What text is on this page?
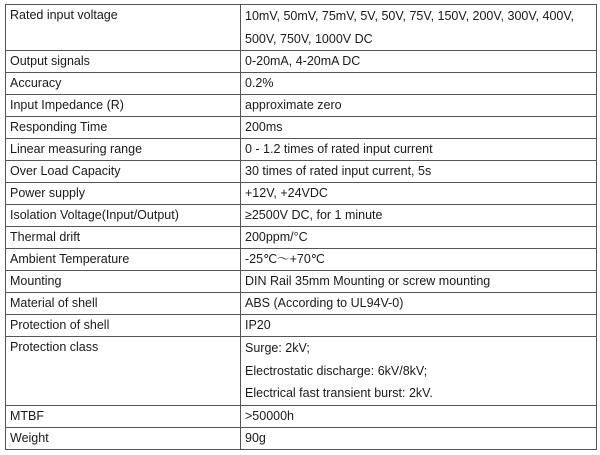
Rated input voltage	10mV, 50mV, 75mV, 5V, 50V, 75V, 150V, 200V, 300V, 400V,
500V, 750V, 1000V DC

Output signals	0-20mA, 4-20mA DC
Accuracy	0.2%
Input Impedance (R)	approximate zero
Responding Time	200ms
Linear measuring range	0 - 1.2 times of rated input current
Over Load Capacity	30 times of rated input current, 5s
Power supply	+12V, +24VDC
Isolation Voltage(Input/Output)	≥2500V DC, for 1 minute
Thermal drift	200ppm/°C
Ambient Temperature	-25℃～+70℃
Mounting	DIN Rail 35mm Mounting or screw mounting
Material of shell	ABS (According to UL94V-0)
Protection of shell	IP20
Protection class	Surge: 2kV;
Electrostatic discharge: 6kV/8kV;
Electrical fast transient burst: 2kV.

MTBF	>50000h
Weight	90g
